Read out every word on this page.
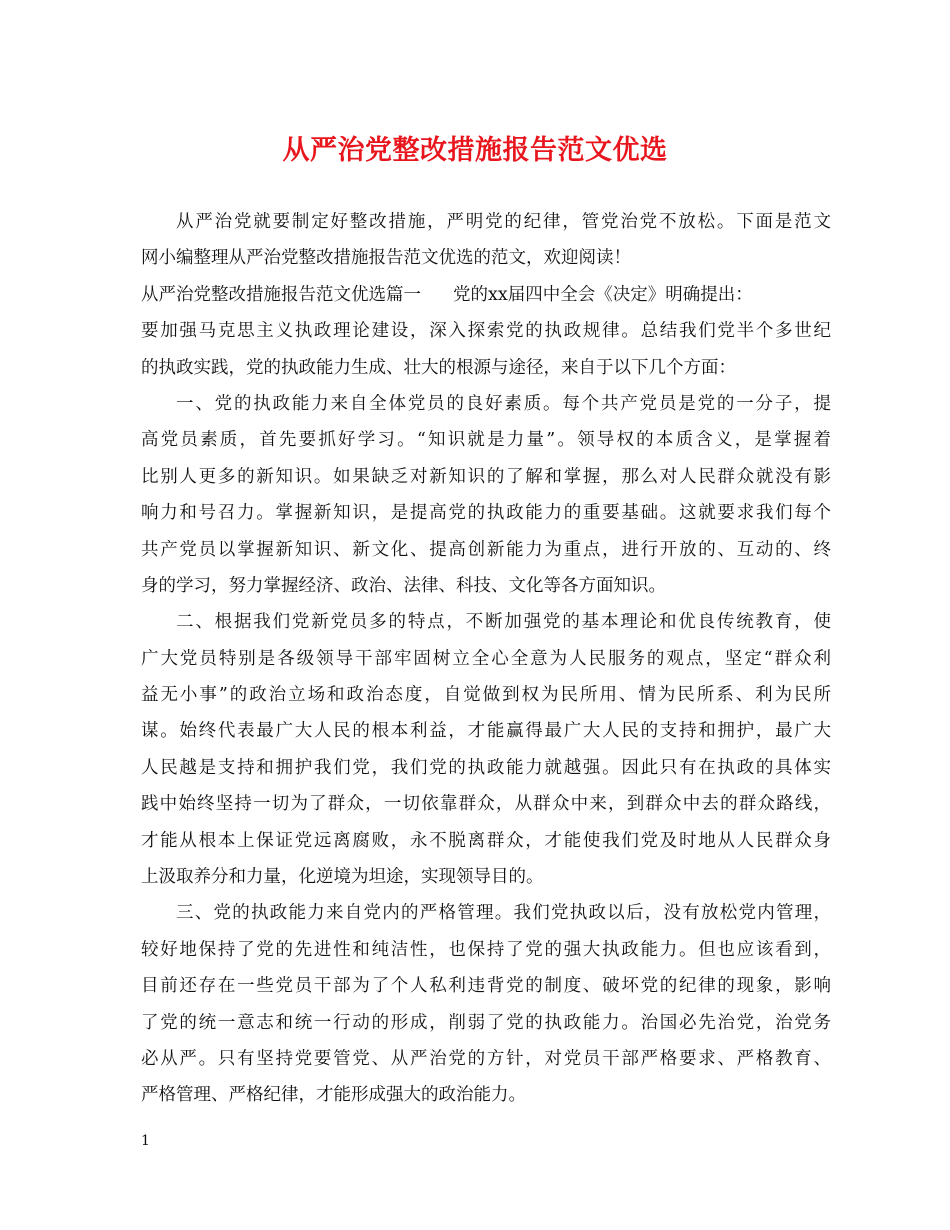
从严治党整改措施报告范文优选
从严治党就要制定好整改措施，严明党的纪律，管党治党不放松。下面是范文
网小编整理从严治党整改措施报告范文优选的范文，欢迎阅读！
从严治党整改措施报告范文优选篇一 党的xx届四中全会《决定》明确提出：
要加强马克思主义执政理论建设，深入探索党的执政规律。总结我们党半个多世纪
的执政实践，党的执政能力生成、壮大的根源与途径，来自于以下几个方面：
一、党的执政能力来自全体党员的良好素质。每个共产党员是党的一分子，提
高党员素质，首先要抓好学习。“知识就是力量”。领导权的本质含义，是掌握着
比别人更多的新知识。如果缺乏对新知识的了解和掌握，那么对人民群众就没有影
响力和号召力。掌握新知识，是提高党的执政能力的重要基础。这就要求我们每个
共产党员以掌握新知识、新文化、提高创新能力为重点，进行开放的、互动的、终
身的学习，努力掌握经济、政治、法律、科技、文化等各方面知识。
二、根据我们党新党员多的特点，不断加强党的基本理论和优良传统教育，使
广大党员特别是各级领导干部牢固树立全心全意为人民服务的观点，坚定“群众利
益无小事”的政治立场和政治态度，自觉做到权为民所用、情为民所系、利为民所
谋。始终代表最广大人民的根本利益，才能赢得最广大人民的支持和拥护，最广大
人民越是支持和拥护我们党，我们党的执政能力就越强。因此只有在执政的具体实
践中始终坚持一切为了群众，一切依靠群众，从群众中来，到群众中去的群众路线，
才能从根本上保证党远离腐败，永不脱离群众，才能使我们党及时地从人民群众身
上汲取养分和力量，化逆境为坦途，实现领导目的。
三、党的执政能力来自党内的严格管理。我们党执政以后，没有放松党内管理，
较好地保持了党的先进性和纯洁性，也保持了党的强大执政能力。但也应该看到，
目前还存在一些党员干部为了个人私利违背党的制度、破坏党的纪律的现象，影响
了党的统一意志和统一行动的形成，削弱了党的执政能力。治国必先治党，治党务
必从严。只有坚持党要管党、从严治党的方针，对党员干部严格要求、严格教育、
严格管理、严格纪律，才能形成强大的政治能力。
1
